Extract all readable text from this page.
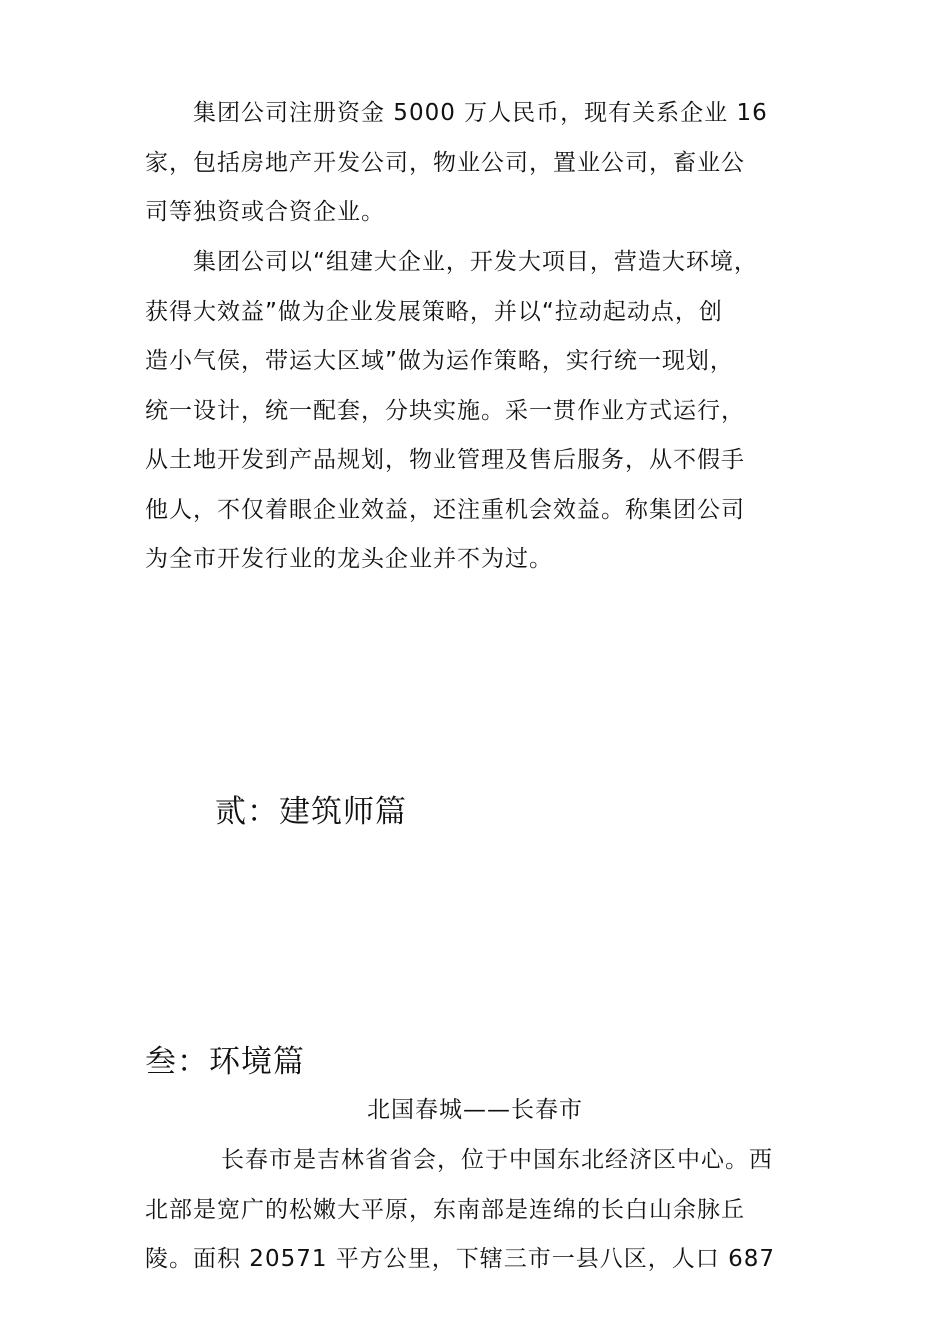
集团公司注册资金 5000 万人民币，现有关系企业 16
家，包括房地产开发公司，物业公司，置业公司，畜业公
司等独资或合资企业。
集团公司以“组建大企业，开发大项目，营造大环境，
获得大效益”做为企业发展策略，并以“拉动起动点，创
造小气侯，带运大区域”做为运作策略，实行统一现划，
统一设计，统一配套，分块实施。采一贯作业方式运行，
从土地开发到产品规划，物业管理及售后服务，从不假手
他人，不仅着眼企业效益，还注重机会效益。称集团公司
为全市开发行业的龙头企业并不为过。
贰：建筑师篇
叁：环境篇
北国春城——长春市
长春市是吉林省省会，位于中国东北经济区中心。西
北部是宽广的松嫩大平原，东南部是连绵的长白山余脉丘
陵。面积 20571 平方公里，下辖三市一县八区，人口 687
